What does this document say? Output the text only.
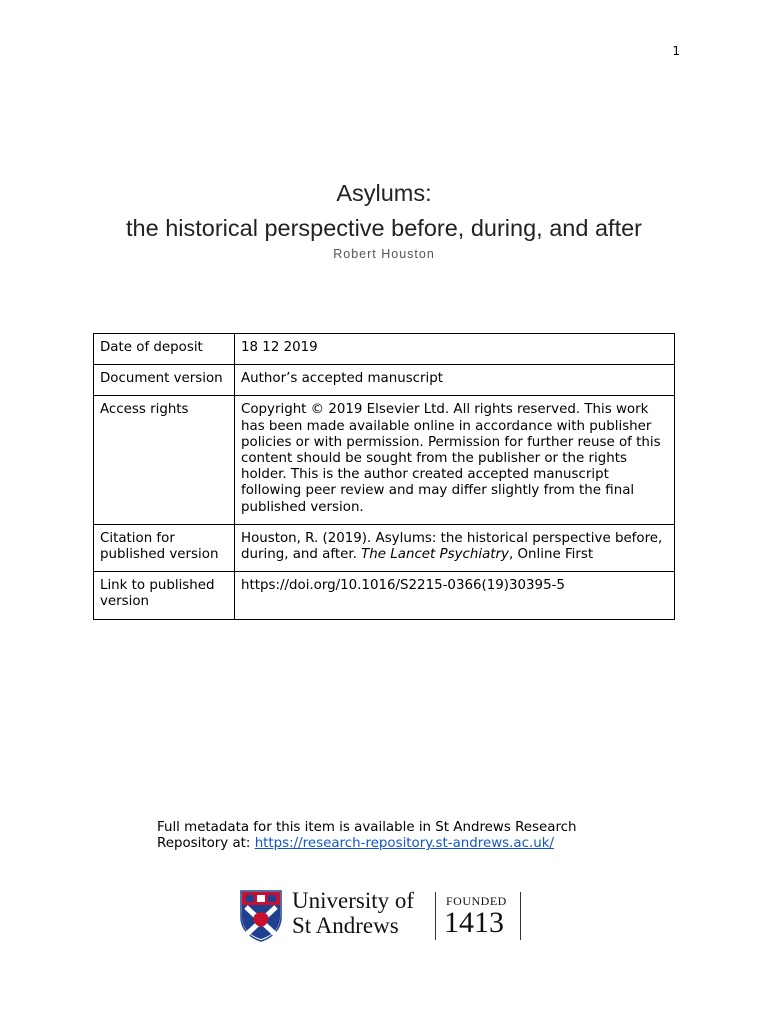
1
Asylums:
the historical perspective before, during, and after
Robert Houston
Date of deposit	18 12 2019
Document version	Author’s accepted manuscript
Access rights	Copyright © 2019 Elsevier Ltd. All rights reserved. This work has been made available online in accordance with publisher policies or with permission. Permission for further reuse of this content should be sought from the publisher or the rights holder. This is the author created accepted manuscript following peer review and may differ slightly from the final published version.
Citation for published version	Houston, R. (2019). Asylums: the historical perspective before, during, and after. The Lancet Psychiatry, Online First
Link to published version	https://doi.org/10.1016/S2215-0366(19)30395-5
Full metadata for this item is available in St Andrews Research Repository at: https://research-repository.st-andrews.ac.uk/
University of
St Andrews
FOUNDED
1413
